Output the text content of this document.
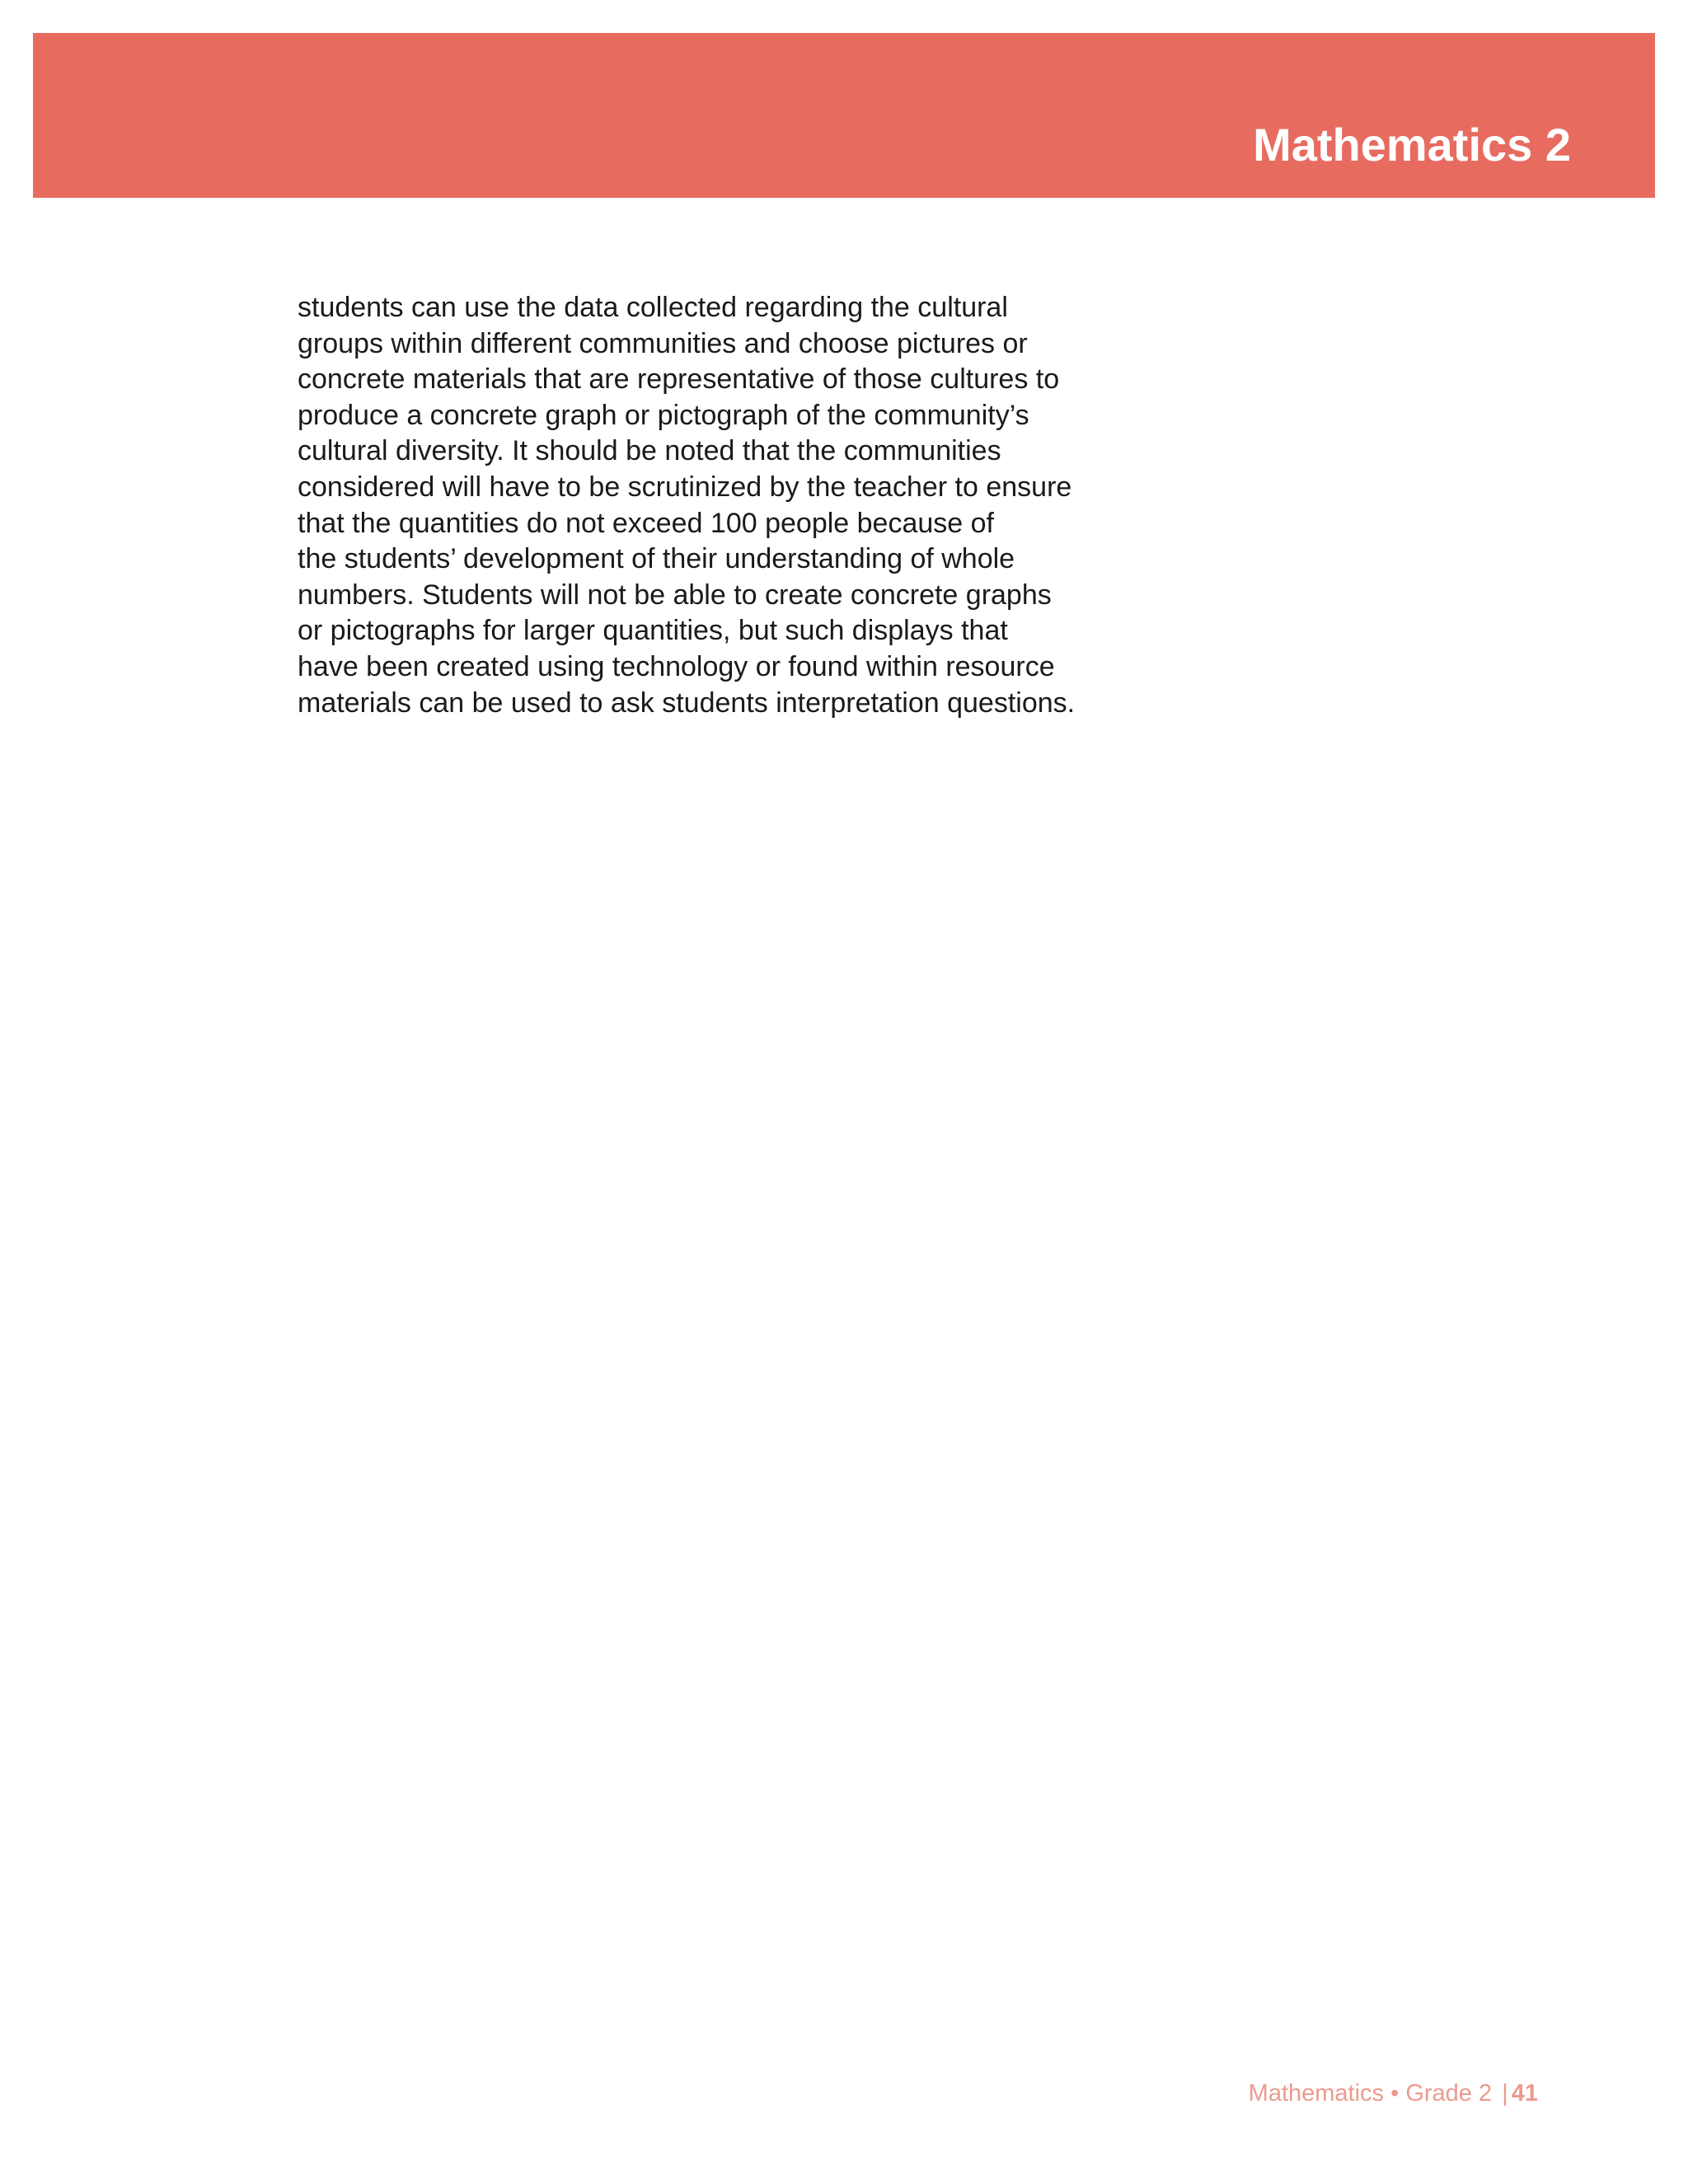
Mathematics 2

students can use the data collected regarding the cultural
groups within different communities and choose pictures or
concrete materials that are representative of those cultures to
produce a concrete graph or pictograph of the community’s
cultural diversity. It should be noted that the communities
considered will have to be scrutinized by the teacher to ensure
that the quantities do not exceed 100 people because of
the students’ development of their understanding of whole
numbers. Students will not be able to create concrete graphs
or pictographs for larger quantities, but such displays that
have been created using technology or found within resource
materials can be used to ask students interpretation questions.

Mathematics • Grade 2 | 41
